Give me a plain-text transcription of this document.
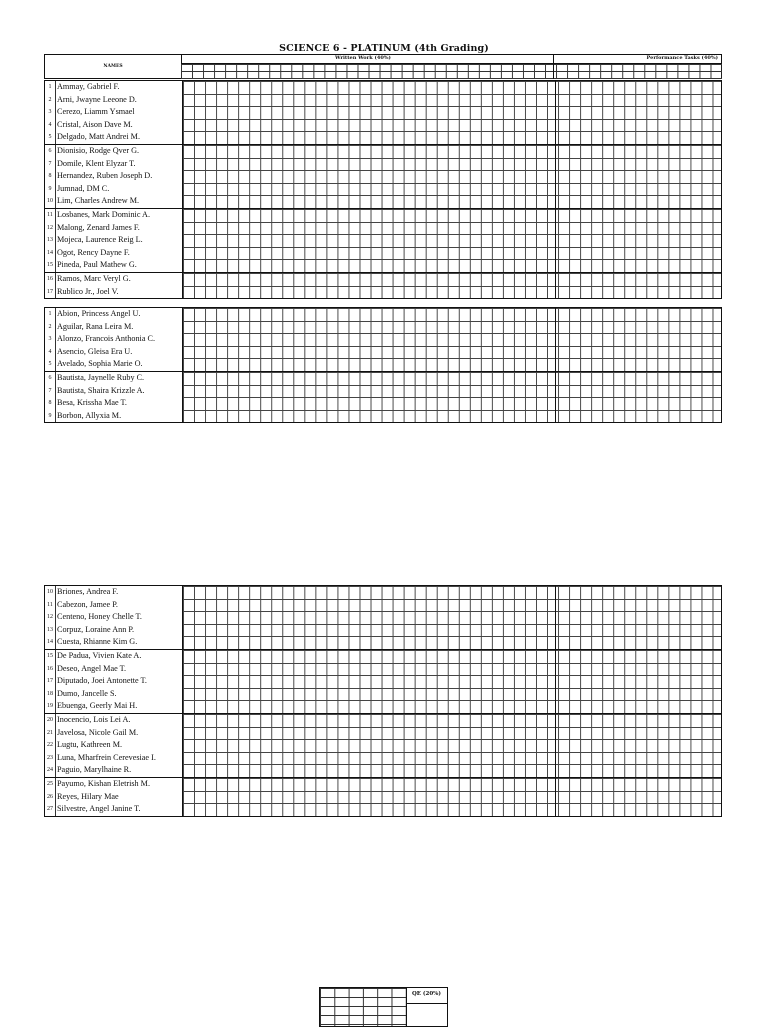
SCIENCE 6 - PLATINUM (4th Grading)
NAMES
Written Work (40%)	Performance Tasks (40%)
1 Ammay, Gabriel F.
2 Arni, Jwayne Leeone D.
3 Cerezo, Liamm Ysmael
4 Cristal, Aison Dave M.
5 Delgado, Matt Andrei M.
6 Dionisio, Rodge Qver G.
7 Domile, Klent Elyzar T.
8 Hernandez, Ruben Joseph D.
9 Jumnad, DM C.
10 Lim, Charles Andrew M.
11 Losbanes, Mark Dominic A.
12 Malong, Zenard James F.
13 Mojeca, Laurence Reig L.
14 Ogot, Rency Dayne F.
15 Pineda, Paul Mathew G.
16 Ramos, Marc Veryl G.
17 Rublico Jr., Joel V.
1 Abion, Princess Angel U.
2 Aguilar, Rana Leira M.
3 Alonzo, Francois Anthonia C.
4 Asencio, Gleisa Era U.
5 Avelado, Sophia Marie O.
6 Bautista, Jaynelle Ruby C.
7 Bautista, Shaira Krizzle A.
8 Besa, Krissha Mae T.
9 Borbon, Allyxia M.
10 Briones, Andrea F.
11 Cabezon, Jamee P.
12 Centeno, Honey Chelle T.
13 Corpuz, Loraine Ann P.
14 Cuesta, Rhianne Kim G.
15 De Padua, Vivien Kate A.
16 Deseo, Angel Mae T.
17 Diputado, Joei Antonette T.
18 Dumo, Jancelle S.
19 Ebuenga, Geerly Mai H.
20 Inocencio, Lois Lei A.
21 Javelosa, Nicole Gail M.
22 Lugtu, Kathreen M.
23 Luna, Mharfrein Cerevesiae I.
24 Paguio, Marylhaine R.
25 Payumo, Kishan Eletrish M.
26 Reyes, Hilary Mae
27 Silvestre, Angel Janine T.
QE (20%)
